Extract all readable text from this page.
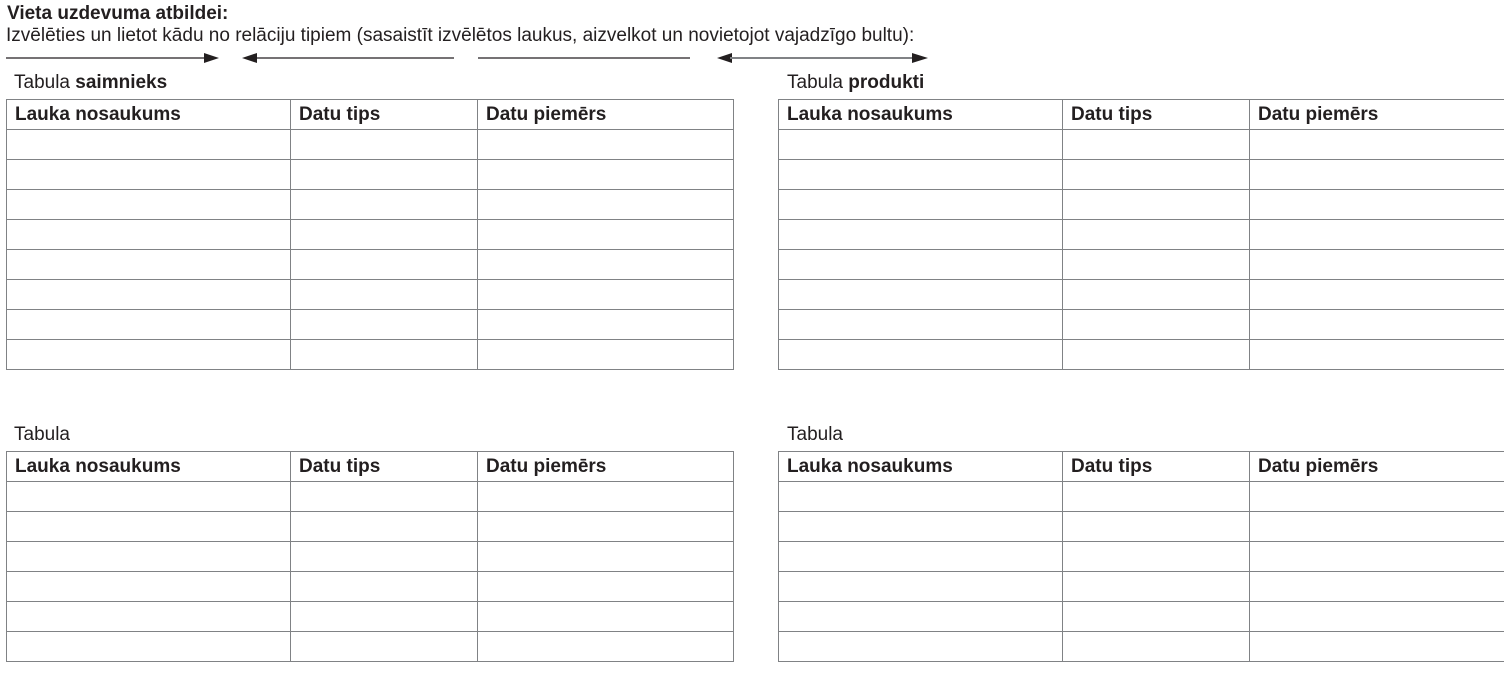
Vieta uzdevuma atbildei:
Izvēlēties un lietot kādu no relāciju tipiem (sasaistīt izvēlētos laukus, aizvelkot un novietojot vajadzīgo bultu):
Tabula saimnieks
Lauka nosaukums	Datu tips	Datu piemērs

Tabula produkti
Lauka nosaukums	Datu tips	Datu piemērs

Tabula
Lauka nosaukums	Datu tips	Datu piemērs

Tabula
Lauka nosaukums	Datu tips	Datu piemērs
